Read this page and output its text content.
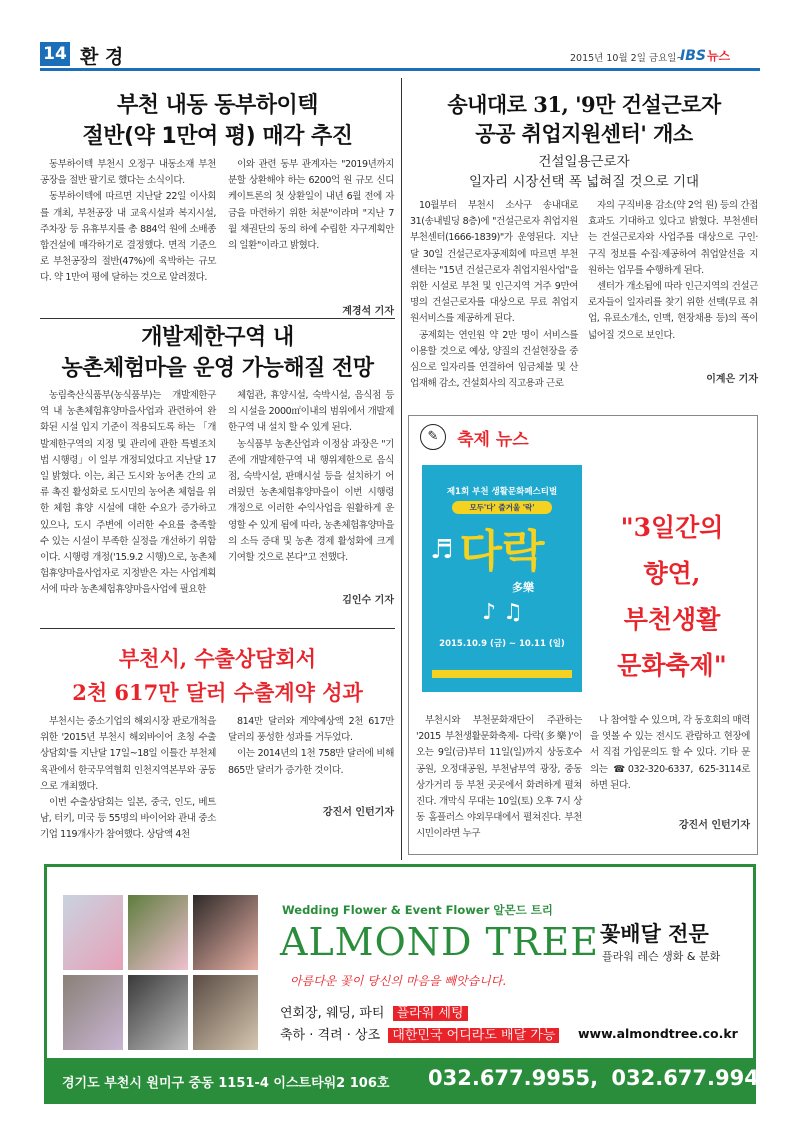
14 환 경	2015년 10월 2일 금요일~
IBS뉴스
부천 내동 동부하이텍
절반(약 1만여 평) 매각 추진

동부하이텍 부천시 오정구 내동소재 부천공장을 절반 팔기로 했다는 소식이다.

동부하이텍에 따르면 지난달 22일 이사회를 개최, 부천공장 내 교육시설과 복지시설, 주차장 등 유휴부지를 총 884억 원에 소배종합건설에 매각하기로 결정했다. 면적 기준으로 부천공장의 절반(47%)에 육박하는 규모다. 약 1만여 평에 달하는 것으로 알려졌다.

이와 관련 동부 관계자는 "2019년까지 분할 상환해야 하는 6200억 원 규모 신디케이트론의 첫 상환일이 내년 6월 전에 자금을 마련하기 위한 처분"이라며 "지난 7월 채권단의 동의 하에 수립한 자구계획안의 일환"이라고 밝혔다.

계경석 기자
개발제한구역 내
농촌체험마을 운영 가능해질 전망

농림축산식품부(농식품부)는 개발제한구역 내 농촌체험휴양마을사업과 관련하여 완화된 시설 입지 기준이 적용되도록 하는 「개발제한구역의 지정 및 관리에 관한 특별조치법 시행령」이 일부 개정되었다고 지난달 17일 밝혔다. 이는, 최근 도시와 농어촌 간의 교류 촉진 활성화로 도시민의 농어촌 체험을 위한 체험 휴양 시설에 대한 수요가 증가하고 있으나, 도시 주변에 이러한 수요를 충족할 수 있는 시설이 부족한 실정을 개선하기 위함이다. 시행령 개정('15.9.2 시행)으로, 농촌체험휴양마을사업자로 지정받은 자는 사업계획서에 따라 농촌체험휴양마을사업에 필요한

체험관, 휴양시설, 숙박시설, 음식점 등의 시설을 2000㎡이내의 범위에서 개발제한구역 내 설치 할 수 있게 된다.

농식품부 농촌산업과 이정삼 과장은 "기존에 개발제한구역 내 행위제한으로 음식점, 숙박시설, 판매시설 등을 설치하기 어려웠던 농촌체험휴양마을이 이번 시행령 개정으로 이러한 수익사업을 원활하게 운영할 수 있게 됨에 따라, 농촌체험휴양마을의 소득 증대 및 농촌 경제 활성화에 크게 기여할 것으로 본다"고 전했다.

김인수 기자
부천시, 수출상담회서
2천 617만 달러 수출계약 성과

부천시는 중소기업의 해외시장 판로개척을 위한 '2015년 부천시 해외바이어 초청 수출상담회'를 지난달 17일~18일 이틀간 부천체육관에서 한국무역협회 인천지역본부와 공동으로 개최했다.

이번 수출상담회는 일본, 중국, 인도, 베트남, 터키, 미국 등 55명의 바이어와 관내 중소기업 119개사가 참여했다. 상담액 4천

814만 달러와 계약예상액 2천 617만 달러의 풍성한 성과를 거두었다.

이는 2014년의 1천 758만 달러에 비해 865만 달러가 증가한 것이다.

강진서 인턴기자
송내대로 31, '9만 건설근로자
공공 취업지원센터' 개소
건설일용근로자
일자리 시장선택 폭 넓혀질 것으로 기대

10월부터 부천시 소사구 송내대로 31(송내빌딩 8층)에 "건설근로자 취업지원 부천센터(1666-1839)"가 운영된다. 지난달 30일 건설근로자공제회에 따르면 부천센터는 "15년 건설근로자 취업지원사업"을 위한 시설로 부천 및 인근지역 거주 9만여 명의 건설근로자를 대상으로 무료 취업지원서비스를 제공하게 된다.

공제회는 연인원 약 2만 명이 서비스를 이용할 것으로 예상, 양질의 건설현장을 중심으로 일자리를 연결하여 임금체불 및 산업재해 감소, 건설회사의 직고용과 근로

자의 구직비용 감소(약 2억 원) 등의 간접효과도 기대하고 있다고 밝혔다. 부천센터는 건설근로자와 사업주를 대상으로 구인·구직 정보를 수집·제공하여 취업알선을 지원하는 업무를 수행하게 된다.

센터가 개소됨에 따라 인근지역의 건설근로자들이 일자리를 찾기 위한 선택(무료 취업, 유료소개소, 인맥, 현장채용 등)의 폭이 넓어질 것으로 보인다.

이계은 기자
✎ 축제 뉴스
제1회 부천 생활문화페스티벌
모두'다' 즐거울 '락'
♬ 다락
多樂
♪ ♫
2015.10.9 (금) ~ 10.11 (일)
"3일간의
향연,
부천생활
문화축제"

부천시와 부천문화재단이 주관하는 '2015 부천생활문화축제- 다락(多樂)'이 오는 9일(금)부터 11일(일)까지 상동호수공원, 오정대공원, 부천남부역 광장, 중동상가거리 등 부천 곳곳에서 화려하게 펼쳐진다. 개막식 무대는 10일(토) 오후 7시 상동 홈플러스 야외무대에서 펼쳐진다. 부천 시민이라면 누구

나 참여할 수 있으며, 각 동호회의 매력을 엿볼 수 있는 전시도 관람하고 현장에서 직접 가입문의도 할 수 있다. 기타 문의는 ☎032-320-6337, 625-3114로 하면 된다.

강진서 인턴기자
Wedding Flower & Event Flower 알몬드 트리
ALMOND TREE 꽃배달 전문
플라워 레슨 생화 & 분화
아름다운 꽃이 당신의 마음을 빼앗습니다.
연회장, 웨딩, 파티 플라워 세팅
축하 · 격려 · 상조 대한민국 어디라도 배달 가능	www.almondtree.co.kr
경기도 부천시 원미구 중동 1151-4 이스트타워2 106호 032.677.9955, 032.677.9944
